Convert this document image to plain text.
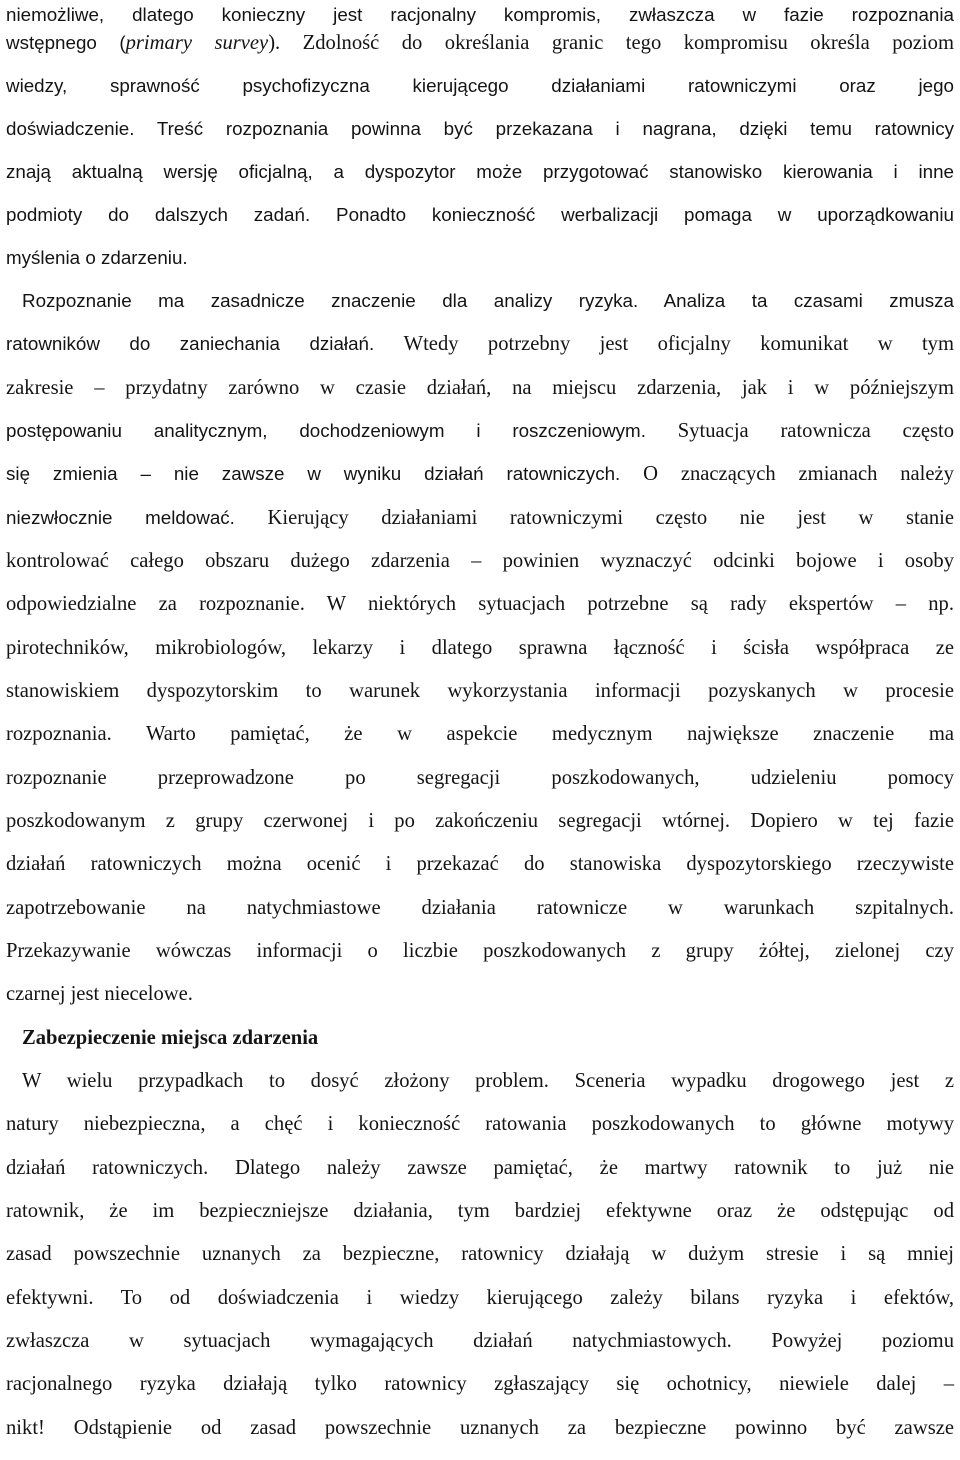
niemożliwe, dlatego konieczny jest racjonalny kompromis, zwłaszcza w fazie rozpoznania
wstępnego (primary survey). Zdolność do określania granic tego kompromisu określa poziom
wiedzy, sprawność psychofizyczna kierującego działaniami ratowniczymi oraz jego
doświadczenie. Treść rozpoznania powinna być przekazana i nagrana, dzięki temu ratownicy
znają aktualną wersję oficjalną, a dyspozytor może przygotować stanowisko kierowania i inne
podmioty do dalszych zadań. Ponadto konieczność werbalizacji pomaga w uporządkowaniu
myślenia o zdarzeniu.
Rozpoznanie ma zasadnicze znaczenie dla analizy ryzyka. Analiza ta czasami zmusza
ratowników do zaniechania działań. Wtedy potrzebny jest oficjalny komunikat w tym
zakresie – przydatny zarówno w czasie działań, na miejscu zdarzenia, jak i w późniejszym
postępowaniu analitycznym, dochodzeniowym i roszczeniowym. Sytuacja ratownicza często
się zmienia – nie zawsze w wyniku działań ratowniczych. O znaczących zmianach należy
niezwłocznie meldować. Kierujący działaniami ratowniczymi często nie jest w stanie
kontrolować całego obszaru dużego zdarzenia – powinien wyznaczyć odcinki bojowe i osoby
odpowiedzialne za rozpoznanie. W niektórych sytuacjach potrzebne są rady ekspertów – np.
pirotechników, mikrobiologów, lekarzy i dlatego sprawna łączność i ścisła współpraca ze
stanowiskiem dyspozytorskim to warunek wykorzystania informacji pozyskanych w procesie
rozpoznania. Warto pamiętać, że w aspekcie medycznym największe znaczenie ma
rozpoznanie przeprowadzone po segregacji poszkodowanych, udzieleniu pomocy
poszkodowanym z grupy czerwonej i po zakończeniu segregacji wtórnej. Dopiero w tej fazie
działań ratowniczych można ocenić i przekazać do stanowiska dyspozytorskiego rzeczywiste
zapotrzebowanie na natychmiastowe działania ratownicze w warunkach szpitalnych.
Przekazywanie wówczas informacji o liczbie poszkodowanych z grupy żółtej, zielonej czy
czarnej jest niecelowe.
Zabezpieczenie miejsca zdarzenia
W wielu przypadkach to dosyć złożony problem. Sceneria wypadku drogowego jest z
natury niebezpieczna, a chęć i konieczność ratowania poszkodowanych to główne motywy
działań ratowniczych. Dlatego należy zawsze pamiętać, że martwy ratownik to już nie
ratownik, że im bezpieczniejsze działania, tym bardziej efektywne oraz że odstępując od
zasad powszechnie uznanych za bezpieczne, ratownicy działają w dużym stresie i są mniej
efektywni. To od doświadczenia i wiedzy kierującego zależy bilans ryzyka i efektów,
zwłaszcza w sytuacjach wymagających działań natychmiastowych. Powyżej poziomu
racjonalnego ryzyka działają tylko ratownicy zgłaszający się ochotnicy, niewiele dalej –
nikt! Odstąpienie od zasad powszechnie uznanych za bezpieczne powinno być zawsze
